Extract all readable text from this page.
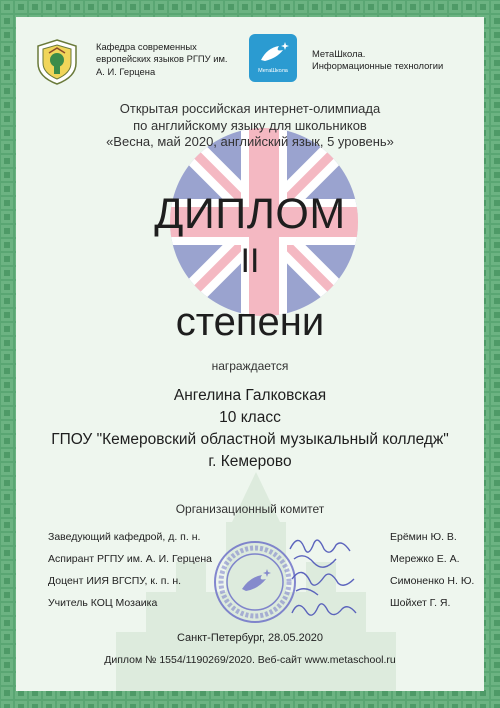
Кафедра современных
европейских языков РГПУ им.
А. И. Герцена	МетаШкола
МетаШкола.
Информационные технологии
Открытая российская интернет-олимпиада
по английскому языку для школьников
«Весна, май 2020, английский язык, 5 уровень»
ДИПЛОМ
II
степени
награждается
Ангелина Галковская
10 класс
ГПОУ "Кемеровский областной музыкальный колледж"
г. Кемерово
Организационный комитет
Заведующий кафедрой, д. п. н.	Ерёмин Ю. В.
Аспирант РГПУ им. А. И. Герцена	Мережко Е. А.
Доцент ИИЯ ВГСПУ, к. п. н.	Симоненко Н. Ю.
Учитель КОЦ Мозаика	Шойхет Г. Я.
Санкт-Петербург, 28.05.2020
Диплом № 1554/1190269/2020. Веб-сайт www.metaschool.ru
